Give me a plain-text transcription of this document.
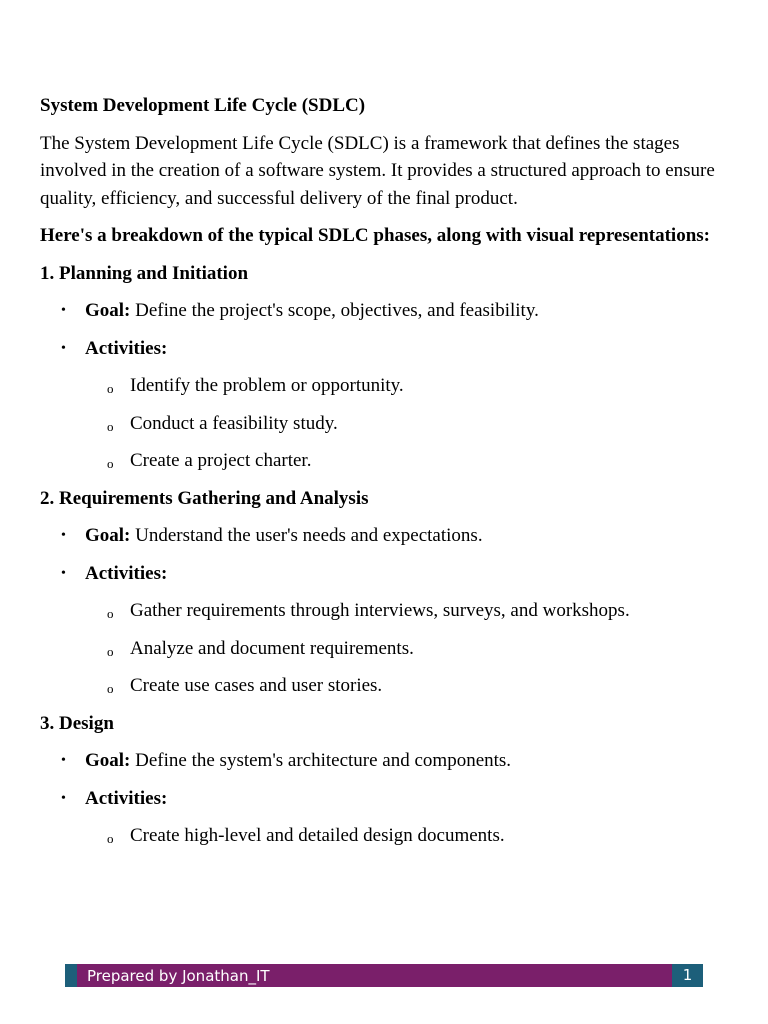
System Development Life Cycle (SDLC)

The System Development Life Cycle (SDLC) is a framework that defines the stages involved in the creation of a software system. It provides a structured approach to ensure quality, efficiency, and successful delivery of the final product.

Here's a breakdown of the typical SDLC phases, along with visual representations:

1. Planning and Initiation

• Goal: Define the project's scope, objectives, and feasibility.
• Activities:
o Identify the problem or opportunity.
o Conduct a feasibility study.
o Create a project charter.

2. Requirements Gathering and Analysis

• Goal: Understand the user's needs and expectations.
• Activities:
o Gather requirements through interviews, surveys, and workshops.
o Analyze and document requirements.
o Create use cases and user stories.

3. Design

• Goal: Define the system's architecture and components.
• Activities:
o Create high-level and detailed design documents.
Prepared by Jonathan_IT	1
